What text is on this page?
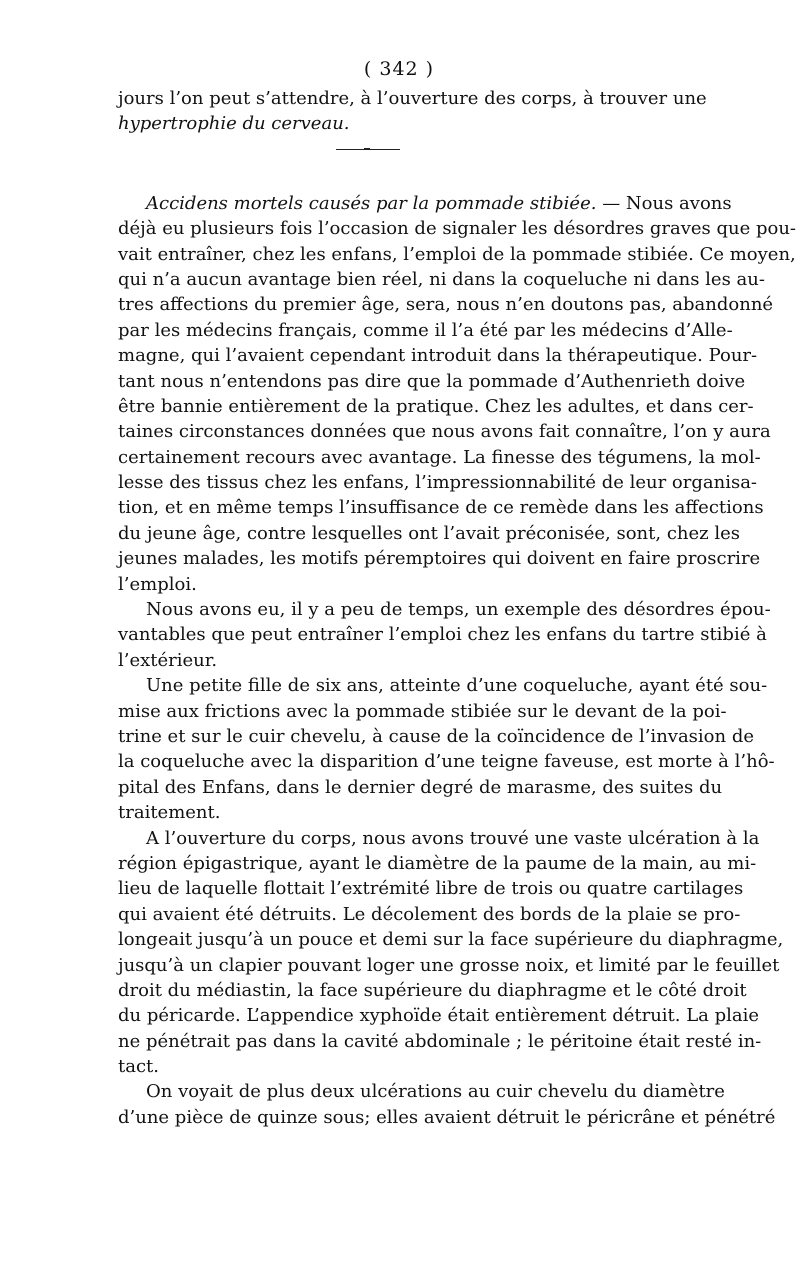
( 342 )
jours l’on peut s’attendre, à l’ouverture des corps, à trouver une
hypertrophie du cerveau.
Accidens mortels causés par la pommade stibiée. — Nous avons
déjà eu plusieurs fois l’occasion de signaler les désordres graves que pou-
vait entraîner, chez les enfans, l’emploi de la pommade stibiée. Ce moyen,
qui n’a aucun avantage bien réel, ni dans la coqueluche ni dans les au-
tres affections du premier âge, sera, nous n’en doutons pas, abandonné
par les médecins français, comme il l’a été par les médecins d’Alle-
magne, qui l’avaient cependant introduit dans la thérapeutique. Pour-
tant nous n’entendons pas dire que la pommade d’Authenrieth doive
être bannie entièrement de la pratique. Chez les adultes, et dans cer-
taines circonstances données que nous avons fait connaître, l’on y aura
certainement recours avec avantage. La finesse des tégumens, la mol-
lesse des tissus chez les enfans, l’impressionnabilité de leur organisa-
tion, et en même temps l’insuffisance de ce remède dans les affections
du jeune âge, contre lesquelles ont l’avait préconisée, sont, chez les
jeunes malades, les motifs péremptoires qui doivent en faire proscrire
l’emploi.
Nous avons eu, il y a peu de temps, un exemple des désordres épou-
vantables que peut entraîner l’emploi chez les enfans du tartre stibié à
l’extérieur.
Une petite fille de six ans, atteinte d’une coqueluche, ayant été sou-
mise aux frictions avec la pommade stibiée sur le devant de la poi-
trine et sur le cuir chevelu, à cause de la coïncidence de l’invasion de
la coqueluche avec la disparition d’une teigne faveuse, est morte à l’hô-
pital des Enfans, dans le dernier degré de marasme, des suites du
traitement.
A l’ouverture du corps, nous avons trouvé une vaste ulcération à la
région épigastrique, ayant le diamètre de la paume de la main, au mi-
lieu de laquelle flottait l’extrémité libre de trois ou quatre cartilages
qui avaient été détruits. Le décolement des bords de la plaie se pro-
longeait jusqu’à un pouce et demi sur la face supérieure du diaphragme,
jusqu’à un clapier pouvant loger une grosse noix, et limité par le feuillet
droit du médiastin, la face supérieure du diaphragme et le côté droit
du péricarde. L’appendice xyphoïde était entièrement détruit. La plaie
ne pénétrait pas dans la cavité abdominale ; le péritoine était resté in-
tact.
On voyait de plus deux ulcérations au cuir chevelu du diamètre
d’une pièce de quinze sous; elles avaient détruit le péricrâne et pénétré
